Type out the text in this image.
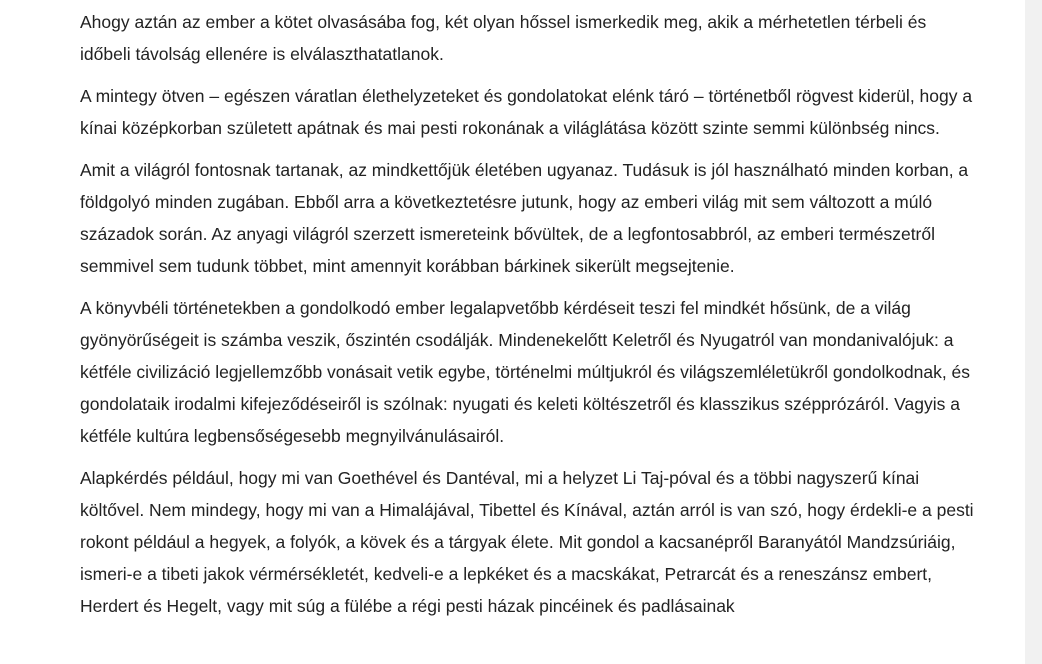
Ahogy aztán az ember a kötet olvasásába fog, két olyan hőssel ismerkedik meg, akik a mérhetetlen térbeli és időbeli távolság ellenére is elválaszthatatlanok.

A mintegy ötven – egészen váratlan élethelyzeteket és gondolatokat elénk táró – történetből rögvest kiderül, hogy a kínai középkorban született apátnak és mai pesti rokonának a világlátása között szinte semmi különbség nincs.

Amit a világról fontosnak tartanak, az mindkettőjük életében ugyanaz. Tudásuk is jól használható minden korban, a földgolyó minden zugában. Ebből arra a következtetésre jutunk, hogy az emberi világ mit sem változott a múló századok során. Az anyagi világról szerzett ismereteink bővültek, de a legfontosabbról, az emberi természetről semmivel sem tudunk többet, mint amennyit korábban bárkinek sikerült megsejtenie.

A könyvbéli történetekben a gondolkodó ember legalapvetőbb kérdéseit teszi fel mindkét hősünk, de a világ gyönyörűségeit is számba veszik, őszintén csodálják. Mindenekelőtt Keletről és Nyugatról van mondanivalójuk: a kétféle civilizáció legjellemzőbb vonásait vetik egybe, történelmi múltjukról és világszemléletükről gondolkodnak, és gondolataik irodalmi kifejeződéseiről is szólnak: nyugati és keleti költészetről és klasszikus szépprózáról. Vagyis a kétféle kultúra legbensőségesebb megnyilvánulásairól.

Alapkérdés például, hogy mi van Goethével és Dantéval, mi a helyzet Li Taj-póval és a többi nagyszerű kínai költővel. Nem mindegy, hogy mi van a Himalájával, Tibettel és Kínával, aztán arról is van szó, hogy érdekli-e a pesti rokont például a hegyek, a folyók, a kövek és a tárgyak élete. Mit gondol a kacsanépről Baranyától Mandzsúriáig, ismeri-e a tibeti jakok vérmérsékletét, kedveli-e a lepkéket és a macskákat, Petrarcát és a reneszánsz embert, Herdert és Hegelt, vagy mit súg a fülébe a régi pesti házak pincéinek és padlásainak
